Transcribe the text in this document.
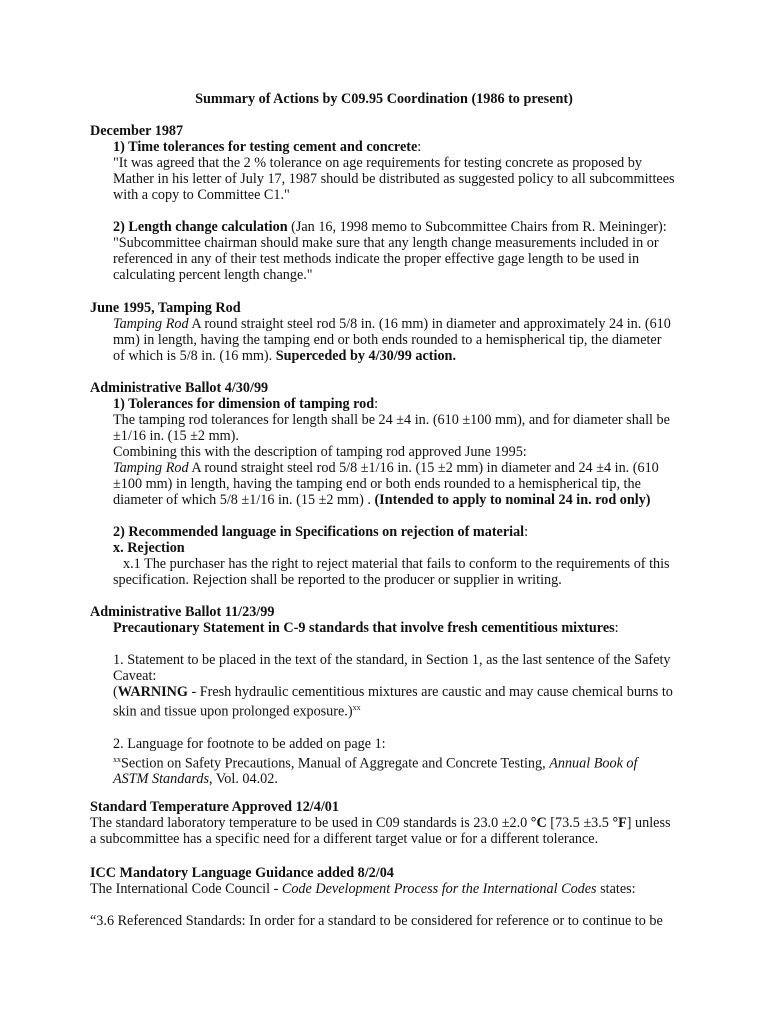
Summary of Actions by C09.95 Coordination (1986 to present)

December 1987

1) Time tolerances for testing cement and concrete:

"It was agreed that the 2 % tolerance on age requirements for testing concrete as proposed by Mather in his letter of July 17, 1987 should be distributed as suggested policy to all subcommittees with a copy to Committee C1."

2) Length change calculation (Jan 16, 1998 memo to Subcommittee Chairs from R. Meininger):

"Subcommittee chairman should make sure that any length change measurements included in or referenced in any of their test methods indicate the proper effective gage length to be used in calculating percent length change."

June 1995, Tamping Rod

Tamping Rod A round straight steel rod 5/8 in. (16 mm) in diameter and approximately 24 in. (610 mm) in length, having the tamping end or both ends rounded to a hemispherical tip, the diameter of which is 5/8 in. (16 mm). Superceded by 4/30/99 action.

Administrative Ballot 4/30/99

1) Tolerances for dimension of tamping rod:

The tamping rod tolerances for length shall be 24 ±4 in. (610 ±100 mm), and for diameter shall be ±1/16 in. (15 ±2 mm).

Combining this with the description of tamping rod approved June 1995:

Tamping Rod A round straight steel rod 5/8 ±1/16 in. (15 ±2 mm) in diameter and 24 ±4 in. (610 ±100 mm) in length, having the tamping end or both ends rounded to a hemispherical tip, the diameter of which 5/8 ±1/16 in. (15 ±2 mm) . (Intended to apply to nominal 24 in. rod only)

2) Recommended language in Specifications on rejection of material:

x. Rejection

x.1 The purchaser has the right to reject material that fails to conform to the requirements of this specification. Rejection shall be reported to the producer or supplier in writing.

Administrative Ballot 11/23/99

Precautionary Statement in C-9 standards that involve fresh cementitious mixtures:

1. Statement to be placed in the text of the standard, in Section 1, as the last sentence of the Safety Caveat:

(WARNING - Fresh hydraulic cementitious mixtures are caustic and may cause chemical burns to skin and tissue upon prolonged exposure.)$^{xx}$

2. Language for footnote to be added on page 1:

$^{xx}$Section on Safety Precautions, Manual of Aggregate and Concrete Testing, Annual Book of ASTM Standards, Vol. 04.02.

Standard Temperature Approved 12/4/01

The standard laboratory temperature to be used in C09 standards is 23.0 ±2.0 °C [73.5 ±3.5 °F] unless a subcommittee has a specific need for a different target value or for a different tolerance.

ICC Mandatory Language Guidance added 8/2/04

The International Code Council - Code Development Process for the International Codes states:

“3.6 Referenced Standards: In order for a standard to be considered for reference or to continue to be
